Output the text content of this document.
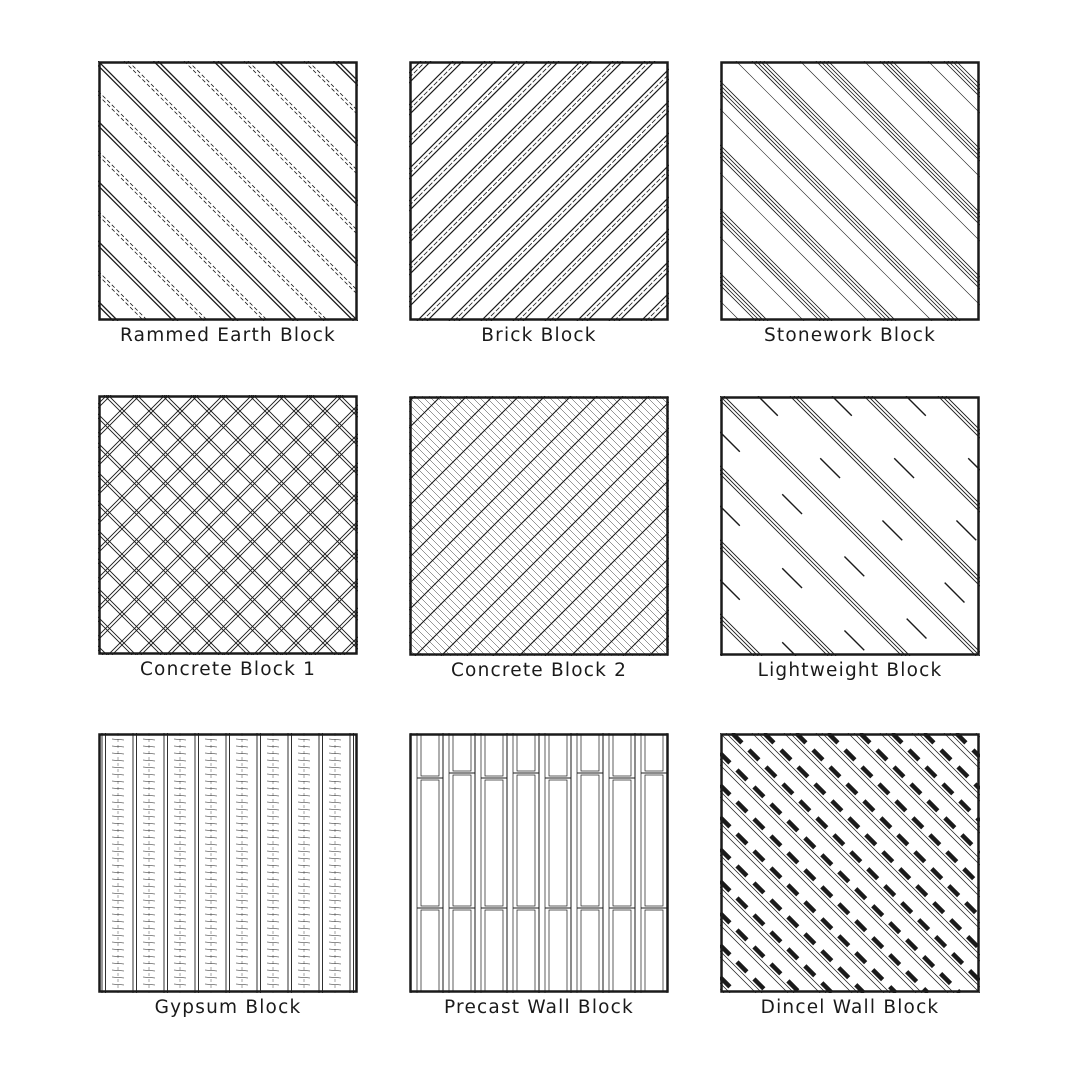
Rammed Earth Block	Brick Block	Stonework Block
Concrete Block 1	Concrete Block 2	Lightweight Block
Gypsum Block	Precast Wall Block	Dincel Wall Block
